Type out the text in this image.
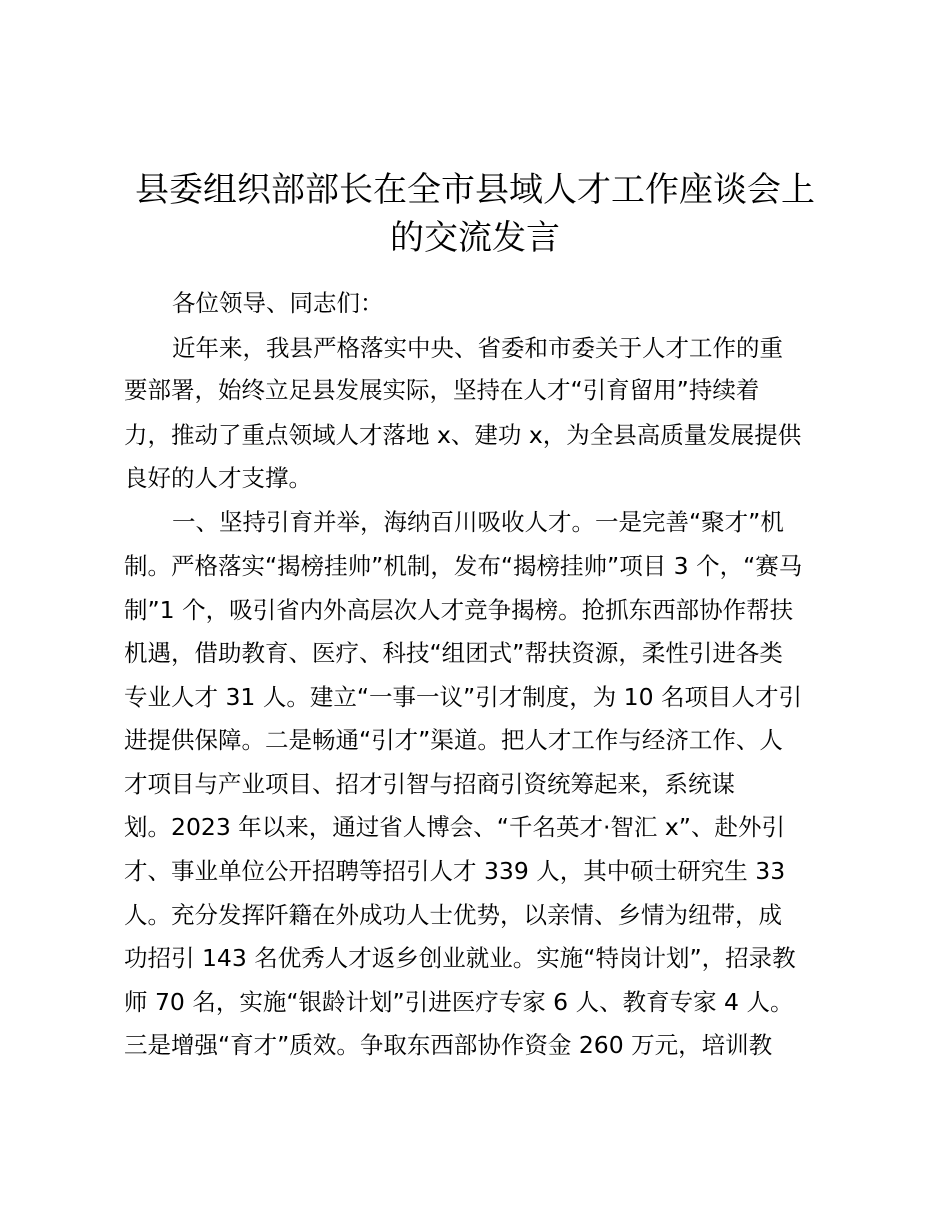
县委组织部部长在全市县域人才工作座谈会上
的交流发言

各位领导、同志们：

近年来，我县严格落实中央、省委和市委关于人才工作的重

要部署，始终立足县发展实际，坚持在人才“引育留用”持续着

力，推动了重点领域人才落地 x、建功 x，为全县高质量发展提供

良好的人才支撑。

一、坚持引育并举，海纳百川吸收人才。一是完善“聚才”机

制。严格落实“揭榜挂帅”机制，发布“揭榜挂帅”项目 3 个，“赛马

制”1 个，吸引省内外高层次人才竞争揭榜。抢抓东西部协作帮扶

机遇，借助教育、医疗、科技“组团式”帮扶资源，柔性引进各类

专业人才 31 人。建立“一事一议”引才制度，为 10 名项目人才引

进提供保障。二是畅通“引才”渠道。把人才工作与经济工作、人

才项目与产业项目、招才引智与招商引资统筹起来，系统谋

划。2023 年以来，通过省人博会、“千名英才·智汇 x”、赴外引

才、事业单位公开招聘等招引人才 339 人，其中硕士研究生 33

人。充分发挥阡籍在外成功人士优势，以亲情、乡情为纽带，成

功招引 143 名优秀人才返乡创业就业。实施“特岗计划”，招录教

师 70 名，实施“银龄计划”引进医疗专家 6 人、教育专家 4 人。

三是增强“育才”质效。争取东西部协作资金 260 万元，培训教
